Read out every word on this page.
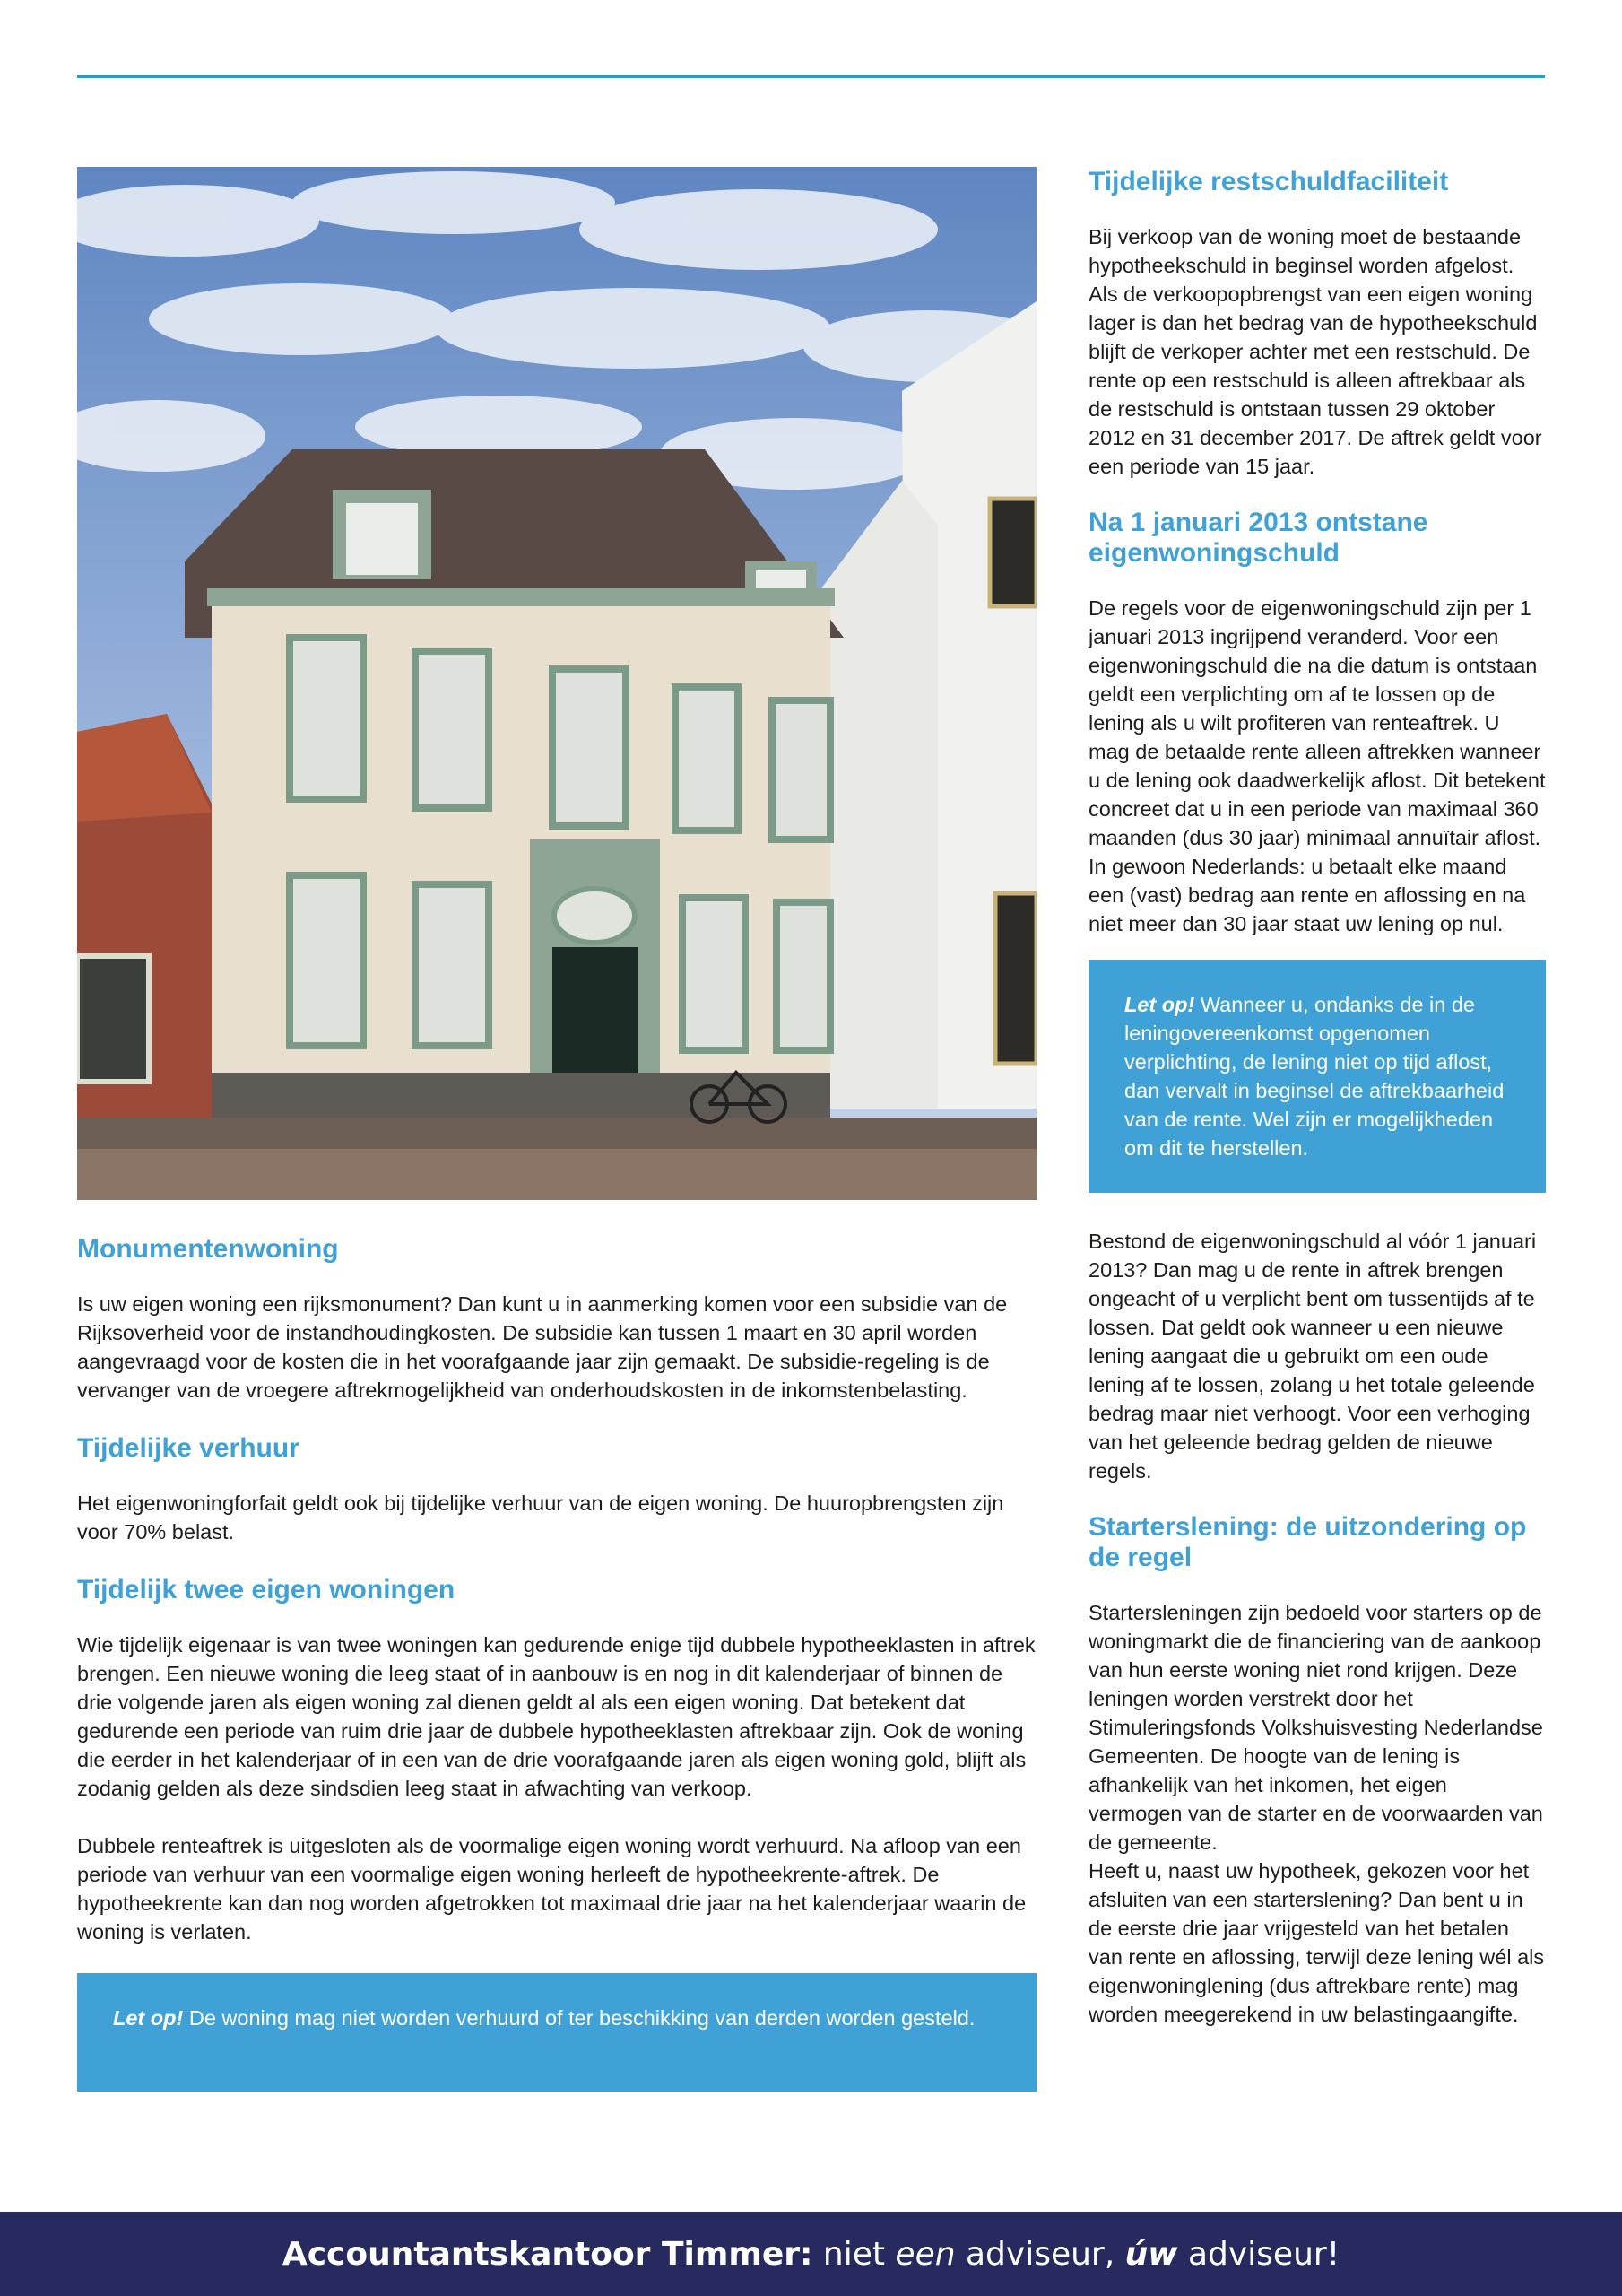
Monumentenwoning

Is uw eigen woning een rijksmonument? Dan kunt u in aanmerking komen voor een subsidie van de Rijksoverheid voor de instandhoudingkosten. De subsidie kan tussen 1 maart en 30 april worden aangevraagd voor de kosten die in het voorafgaande jaar zijn gemaakt. De subsidie-regeling is de vervanger van de vroegere aftrekmogelijkheid van onderhoudskosten in de inkomstenbelasting.

Tijdelijke verhuur

Het eigenwoningforfait geldt ook bij tijdelijke verhuur van de eigen woning. De huuropbrengsten zijn voor 70% belast.

Tijdelijk twee eigen woningen

Wie tijdelijk eigenaar is van twee woningen kan gedurende enige tijd dubbele hypotheeklasten in aftrek brengen. Een nieuwe woning die leeg staat of in aanbouw is en nog in dit kalenderjaar of binnen de drie volgende jaren als eigen woning zal dienen geldt al als een eigen woning. Dat betekent dat gedurende een periode van ruim drie jaar de dubbele hypotheeklasten aftrekbaar zijn. Ook de woning die eerder in het kalenderjaar of in een van de drie voorafgaande jaren als eigen woning gold, blijft als zodanig gelden als deze sindsdien leeg staat in afwachting van verkoop.

Dubbele renteaftrek is uitgesloten als de voormalige eigen woning wordt verhuurd. Na afloop van een periode van verhuur van een voormalige eigen woning herleeft de hypotheekrente-aftrek. De hypotheekrente kan dan nog worden afgetrokken tot maximaal drie jaar na het kalenderjaar waarin de woning is verlaten.

Let op! De woning mag niet worden verhuurd of ter beschikking van derden worden gesteld.
Tijdelijke restschuldfaciliteit

Bij verkoop van de woning moet de bestaande hypotheekschuld in beginsel worden afgelost. Als de verkoopopbrengst van een eigen woning lager is dan het bedrag van de hypotheekschuld blijft de verkoper achter met een restschuld. De rente op een restschuld is alleen aftrekbaar als de restschuld is ontstaan tussen 29 oktober 2012 en 31 december 2017. De aftrek geldt voor een periode van 15 jaar.

Na 1 januari 2013 ontstane eigenwoningschuld

De regels voor de eigenwoningschuld zijn per 1 januari 2013 ingrijpend veranderd. Voor een eigenwoningschuld die na die datum is ontstaan geldt een verplichting om af te lossen op de lening als u wilt profiteren van renteaftrek. U mag de betaalde rente alleen aftrekken wanneer u de lening ook daadwerkelijk aflost. Dit betekent concreet dat u in een periode van maximaal 360 maanden (dus 30 jaar) minimaal annuïtair aflost. In gewoon Nederlands: u betaalt elke maand een (vast) bedrag aan rente en aflossing en na niet meer dan 30 jaar staat uw lening op nul.

Let op! Wanneer u, ondanks de in de leningovereenkomst opgenomen verplichting, de lening niet op tijd aflost, dan vervalt in beginsel de aftrekbaarheid van de rente. Wel zijn er mogelijkheden om dit te herstellen.

Bestond de eigenwoningschuld al vóór 1 januari 2013? Dan mag u de rente in aftrek brengen ongeacht of u verplicht bent om tussentijds af te lossen. Dat geldt ook wanneer u een nieuwe lening aangaat die u gebruikt om een oude lening af te lossen, zolang u het totale geleende bedrag maar niet verhoogt. Voor een verhoging van het geleende bedrag gelden de nieuwe regels.

Starterslening: de uitzondering op de regel

Startersleningen zijn bedoeld voor starters op de woningmarkt die de financiering van de aankoop van hun eerste woning niet rond krijgen. Deze leningen worden verstrekt door het Stimuleringsfonds Volkshuisvesting Nederlandse Gemeenten. De hoogte van de lening is afhankelijk van het inkomen, het eigen vermogen van de starter en de voorwaarden van de gemeente.

Heeft u, naast uw hypotheek, gekozen voor het afsluiten van een starterslening? Dan bent u in de eerste drie jaar vrijgesteld van het betalen van rente en aflossing, terwijl deze lening wél als eigenwoninglening (dus aftrekbare rente) mag worden meegerekend in uw belastingaangifte.

Accountantskantoor Timmer: niet een adviseur, úw adviseur!
